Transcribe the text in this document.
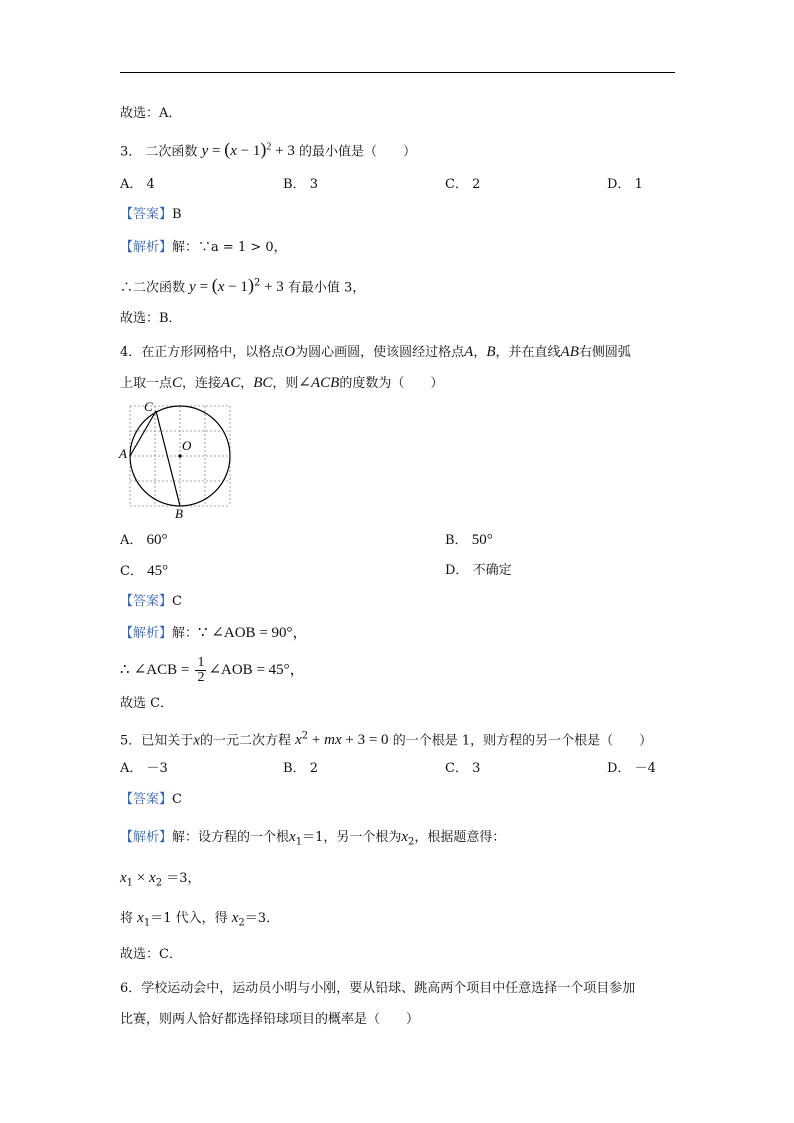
故选：A．
3． 二次函数 $y = (x - 1)^2 + 3$ 的最小值是（　　）
A． 4	B． 3	C． 2	D． 1
【答案】B
【解析】解：∵a = 1 > 0，
∴二次函数 $y = (x - 1)^2 + 3$ 有最小值 3，
故选：B．
4．在正方形网格中，以格点O为圆心画圆，使该圆经过格点A，B，并在直线AB右侧圆弧
上取一点C，连接AC，BC，则∠ACB的度数为（　　）
C
A
O
B
A． 60°	B． 50°
C． 45°	D． 不确定
【答案】C
【解析】解：∵ ∠AOB = 90°，
∴ ∠ACB = $\frac{1}{2}$ ∠AOB = 45°，
故选 C．
5．已知关于x的一元二次方程 $x^2$ + mx + 3 = 0 的一个根是 1，则方程的另一个根是（　　）
A． －3	B． 2	C． 3	D． －4
【答案】C
【解析】解：设方程的一个根$x_1=1$，另一个根为$x_2$，根据题意得：
$x_1 \times x_2 =3$，
将 $x_1=1$ 代入，得 $x_2=3$．
故选：C．
6．学校运动会中，运动员小明与小刚，要从铅球、跳高两个项目中任意选择一个项目参加
比赛，则两人恰好都选择铅球项目的概率是（　　）
